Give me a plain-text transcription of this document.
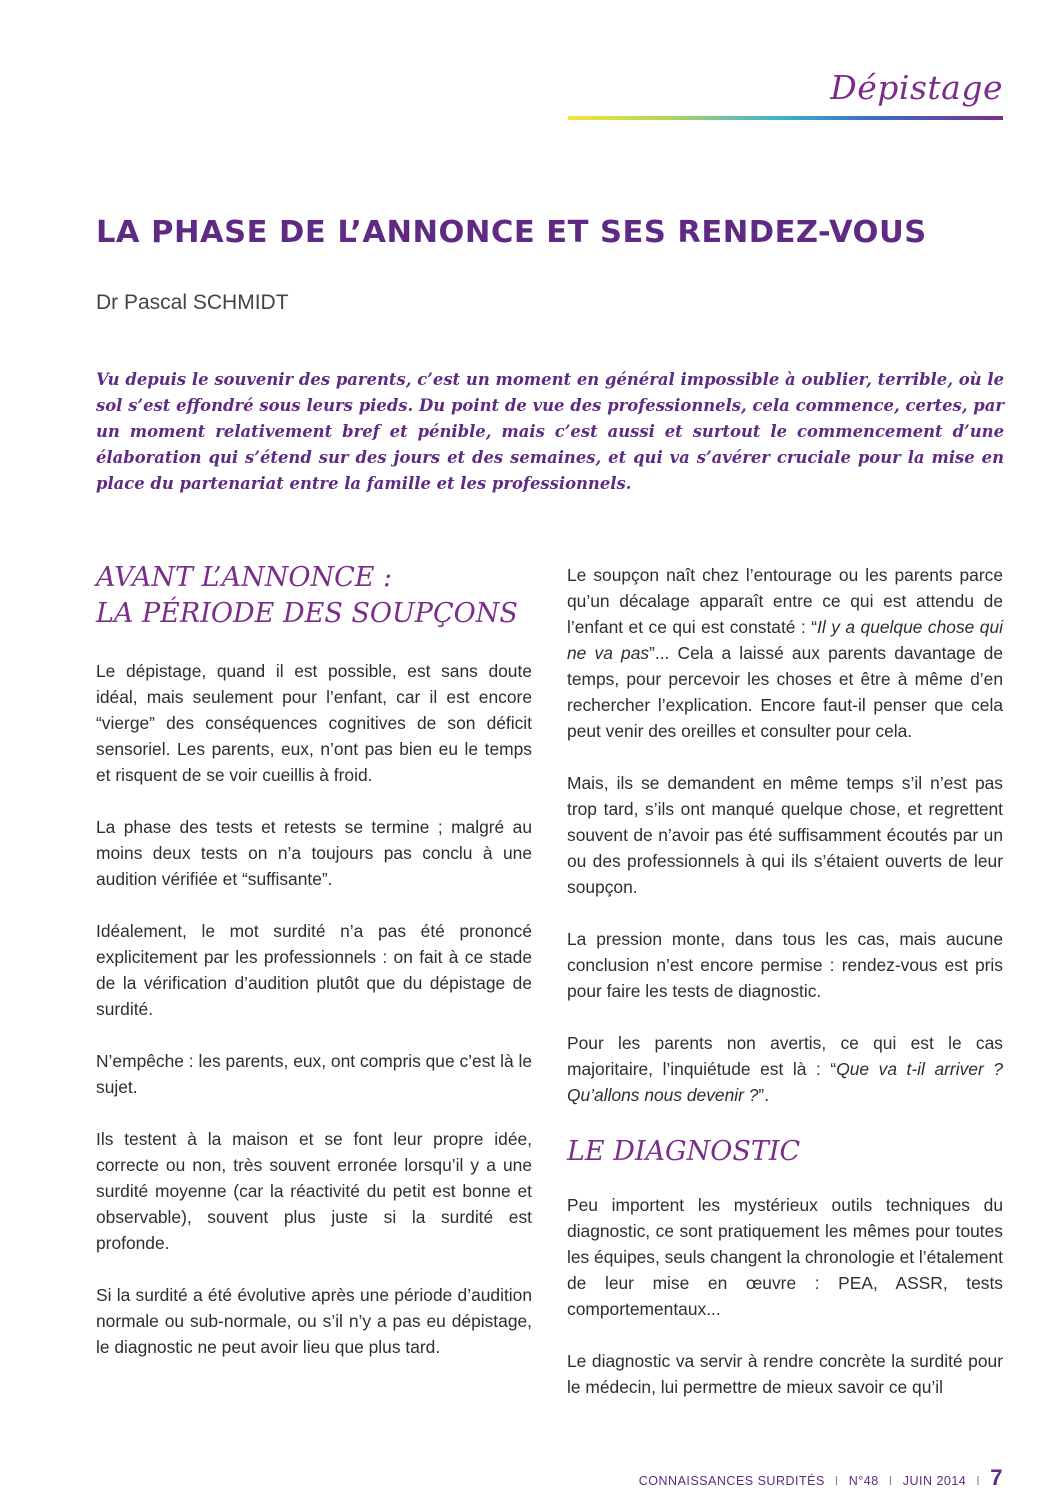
Dépistage
LA PHASE DE L’ANNONCE ET SES RENDEZ-VOUS
Dr Pascal SCHMIDT

Vu depuis le souvenir des parents, c’est un moment en général impossible à oublier, terrible, où le sol s’est effondré sous leurs pieds. Du point de vue des professionnels, cela commence, certes, par un moment relativement bref et pénible, mais c’est aussi et surtout le commencement d’une élaboration qui s’étend sur des jours et des semaines, et qui va s’avérer cruciale pour la mise en place du partenariat entre la famille et les professionnels.

AVANT L’ANNONCE :
LA PÉRIODE DES SOUPÇONS

Le dépistage, quand il est possible, est sans doute idéal, mais seulement pour l’enfant, car il est encore “vierge” des conséquences cognitives de son déficit sensoriel. Les parents, eux, n’ont pas bien eu le temps et risquent de se voir cueillis à froid.

La phase des tests et retests se termine ; malgré au moins deux tests on n’a toujours pas conclu à une audition vérifiée et “suffisante”.

Idéalement, le mot surdité n’a pas été prononcé explicitement par les professionnels : on fait à ce stade de la vérification d’audition plutôt que du dépistage de surdité.

N’empêche : les parents, eux, ont compris que c’est là le sujet.

Ils testent à la maison et se font leur propre idée, correcte ou non, très souvent erronée lorsqu’il y a une surdité moyenne (car la réactivité du petit est bonne et observable), souvent plus juste si la surdité est profonde.

Si la surdité a été évolutive après une période d’audition normale ou sub-normale, ou s’il n’y a pas eu dépistage, le diagnostic ne peut avoir lieu que plus tard.

Le soupçon naît chez l’entourage ou les parents parce qu’un décalage apparaît entre ce qui est attendu de l’enfant et ce qui est constaté : “Il y a quelque chose qui ne va pas”... Cela a laissé aux parents davantage de temps, pour percevoir les choses et être à même d’en rechercher l’explication. Encore faut-il penser que cela peut venir des oreilles et consulter pour cela.

Mais, ils se demandent en même temps s’il n’est pas trop tard, s’ils ont manqué quelque chose, et regrettent souvent de n’avoir pas été suffisamment écoutés par un ou des professionnels à qui ils s’étaient ouverts de leur soupçon.

La pression monte, dans tous les cas, mais aucune conclusion n’est encore permise : rendez-vous est pris pour faire les tests de diagnostic.

Pour les parents non avertis, ce qui est le cas majoritaire, l’inquiétude est là : “Que va t-il arriver ? Qu’allons nous devenir ?”.

LE DIAGNOSTIC

Peu importent les mystérieux outils techniques du diagnostic, ce sont pratiquement les mêmes pour toutes les équipes, seuls changent la chronologie et l’étalement de leur mise en œuvre : PEA, ASSR, tests comportementaux...

Le diagnostic va servir à rendre concrète la surdité pour le médecin, lui permettre de mieux savoir ce qu’il

CONNAISSANCES SURDITÉS I N°48 I JUIN 2014 I 7
